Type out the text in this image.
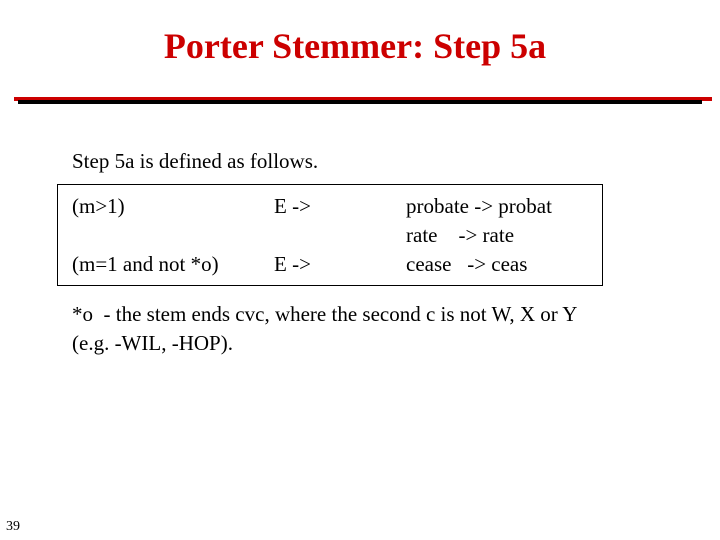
Porter Stemmer: Step 5a
Step 5a is defined as follows.
(m>1)	E ->
(m=1 and not *o)	E ->
probate -> probat
rate    -> rate
cease   -> ceas
*o  - the stem ends cvc, where the second c is not W, X or Y
(e.g. -WIL, -HOP).
39
